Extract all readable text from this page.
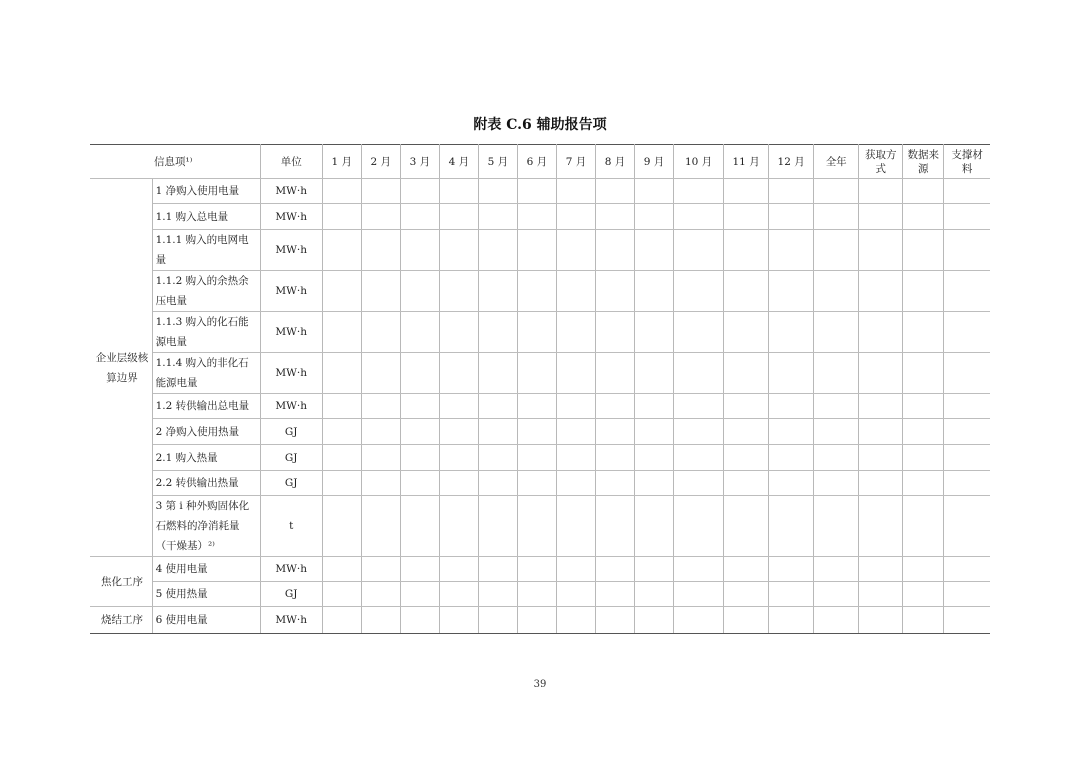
附表 C.6 辅助报告项
信息项¹⁾		单位	1 月	2 月	3 月	4 月	5 月	6 月	7 月	8 月	9 月	10 月	11 月	12 月	全年	获取方式	数据来源	支撑材料
企业层级核算边界	1 净购入使用电量	MW·h																
	1.1 购入总电量	MW·h																
	1.1.1 购入的电网电量	MW·h																
	1.1.2 购入的余热余压电量	MW·h																
	1.1.3 购入的化石能源电量	MW·h																
	1.1.4 购入的非化石能源电量	MW·h																
	1.2 转供输出总电量	MW·h																
	2 净购入使用热量	GJ																
	2.1 购入热量	GJ																
	2.2 转供输出热量	GJ																
	3 第 i 种外购固体化石燃料的净消耗量（干燥基）²⁾	t																
焦化工序	4 使用电量	MW·h																
	5 使用热量	GJ																
烧结工序	6 使用电量	MW·h																
39
